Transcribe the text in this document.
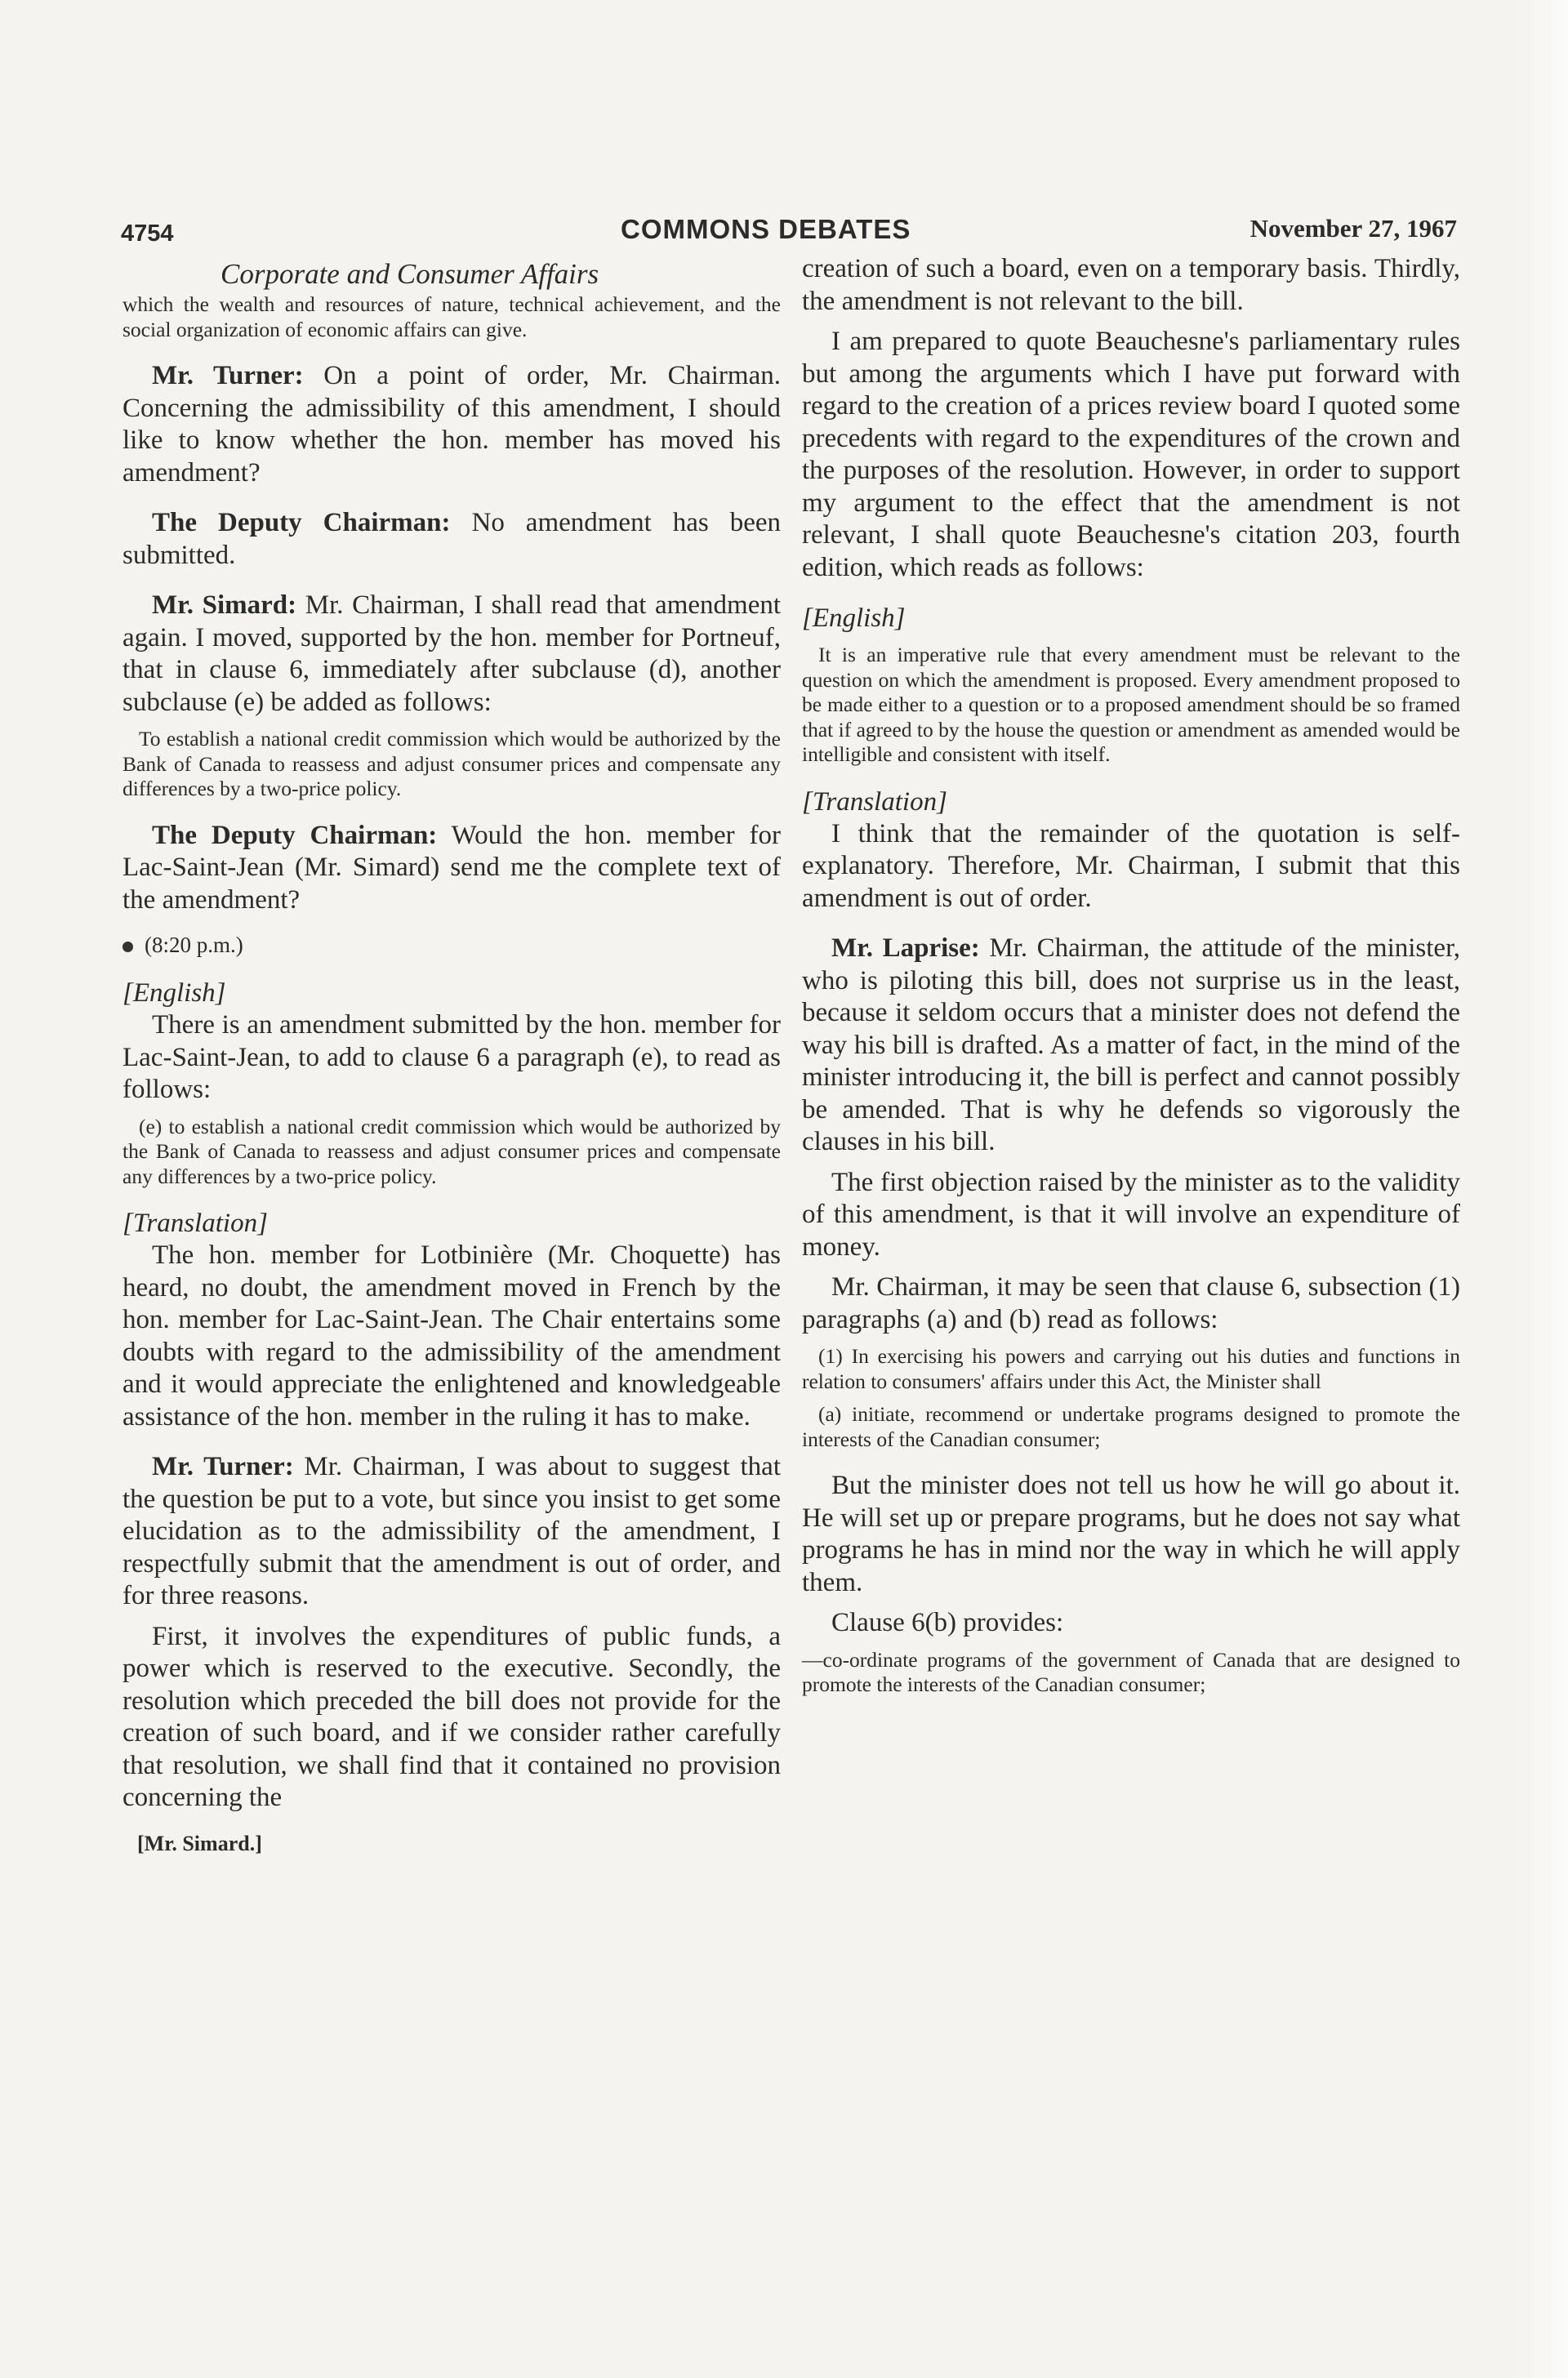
4754	COMMONS DEBATES	November 27, 1967
Corporate and Consumer Affairs
which the wealth and resources of nature, technical achievement, and the social organization of economic affairs can give.

Mr. Turner: On a point of order, Mr. Chairman. Concerning the admissibility of this amendment, I should like to know whether the hon. member has moved his amendment?

The Deputy Chairman: No amendment has been submitted.

Mr. Simard: Mr. Chairman, I shall read that amendment again. I moved, supported by the hon. member for Portneuf, that in clause 6, immediately after subclause (d), another subclause (e) be added as follows:

To establish a national credit commission which would be authorized by the Bank of Canada to reassess and adjust consumer prices and compensate any differences by a two-price policy.

The Deputy Chairman: Would the hon. member for Lac-Saint-Jean (Mr. Simard) send me the complete text of the amendment?

(8:20 p.m.)
[English]

There is an amendment submitted by the hon. member for Lac-Saint-Jean, to add to clause 6 a paragraph (e), to read as follows:

(e) to establish a national credit commission which would be authorized by the Bank of Canada to reassess and adjust consumer prices and compensate any differences by a two-price policy.
[Translation]

The hon. member for Lotbinière (Mr. Choquette) has heard, no doubt, the amendment moved in French by the hon. member for Lac-Saint-Jean. The Chair entertains some doubts with regard to the admissibility of the amendment and it would appreciate the enlightened and knowledgeable assistance of the hon. member in the ruling it has to make.

Mr. Turner: Mr. Chairman, I was about to suggest that the question be put to a vote, but since you insist to get some elucidation as to the admissibility of the amendment, I respectfully submit that the amendment is out of order, and for three reasons.

First, it involves the expenditures of public funds, a power which is reserved to the executive. Secondly, the resolution which preceded the bill does not provide for the creation of such board, and if we consider rather carefully that resolution, we shall find that it contained no provision concerning the

[Mr. Simard.]

creation of such a board, even on a temporary basis. Thirdly, the amendment is not relevant to the bill.

I am prepared to quote Beauchesne's parliamentary rules but among the arguments which I have put forward with regard to the creation of a prices review board I quoted some precedents with regard to the expenditures of the crown and the purposes of the resolution. However, in order to support my argument to the effect that the amendment is not relevant, I shall quote Beauchesne's citation 203, fourth edition, which reads as follows:

[English]
It is an imperative rule that every amendment must be relevant to the question on which the amendment is proposed. Every amendment proposed to be made either to a question or to a proposed amendment should be so framed that if agreed to by the house the question or amendment as amended would be intelligible and consistent with itself.
[Translation]

I think that the remainder of the quotation is self-explanatory. Therefore, Mr. Chairman, I submit that this amendment is out of order.

Mr. Laprise: Mr. Chairman, the attitude of the minister, who is piloting this bill, does not surprise us in the least, because it seldom occurs that a minister does not defend the way his bill is drafted. As a matter of fact, in the mind of the minister introducing it, the bill is perfect and cannot possibly be amended. That is why he defends so vigorously the clauses in his bill.

The first objection raised by the minister as to the validity of this amendment, is that it will involve an expenditure of money.

Mr. Chairman, it may be seen that clause 6, subsection (1) paragraphs (a) and (b) read as follows:

(1) In exercising his powers and carrying out his duties and functions in relation to consumers' affairs under this Act, the Minister shall
(a) initiate, recommend or undertake programs designed to promote the interests of the Canadian consumer;

But the minister does not tell us how he will go about it. He will set up or prepare programs, but he does not say what programs he has in mind nor the way in which he will apply them.

Clause 6(b) provides:

—co-ordinate programs of the government of Canada that are designed to promote the interests of the Canadian consumer;
